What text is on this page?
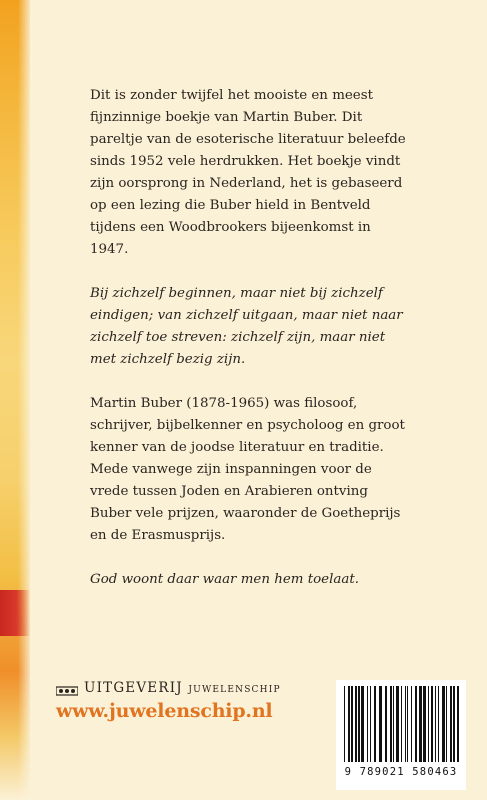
Dit is zonder twijfel het mooiste en meest fijnzinnige boekje van Martin Buber. Dit pareltje van de esoterische literatuur beleefde sinds 1952 vele herdrukken. Het boekje vindt zijn oorsprong in Nederland, het is gebaseerd op een lezing die Buber hield in Bentveld tijdens een Woodbrookers bijeenkomst in 1947.

Bij zichzelf beginnen, maar niet bij zichzelf eindigen; van zichzelf uitgaan, maar niet naar zichzelf toe streven: zichzelf zijn, maar niet met zichzelf bezig zijn.

Martin Buber (1878-1965) was filosoof, schrijver, bijbelkenner en psycholoog en groot kenner van de joodse literatuur en traditie. Mede vanwege zijn inspanningen voor de vrede tussen Joden en Arabieren ontving Buber vele prijzen, waaronder de Goetheprijs en de Erasmusprijs.

God woont daar waar men hem toelaat.

UITGEVERIJ juwelenschip
www.juwelenschip.nl
9 789021 580463
